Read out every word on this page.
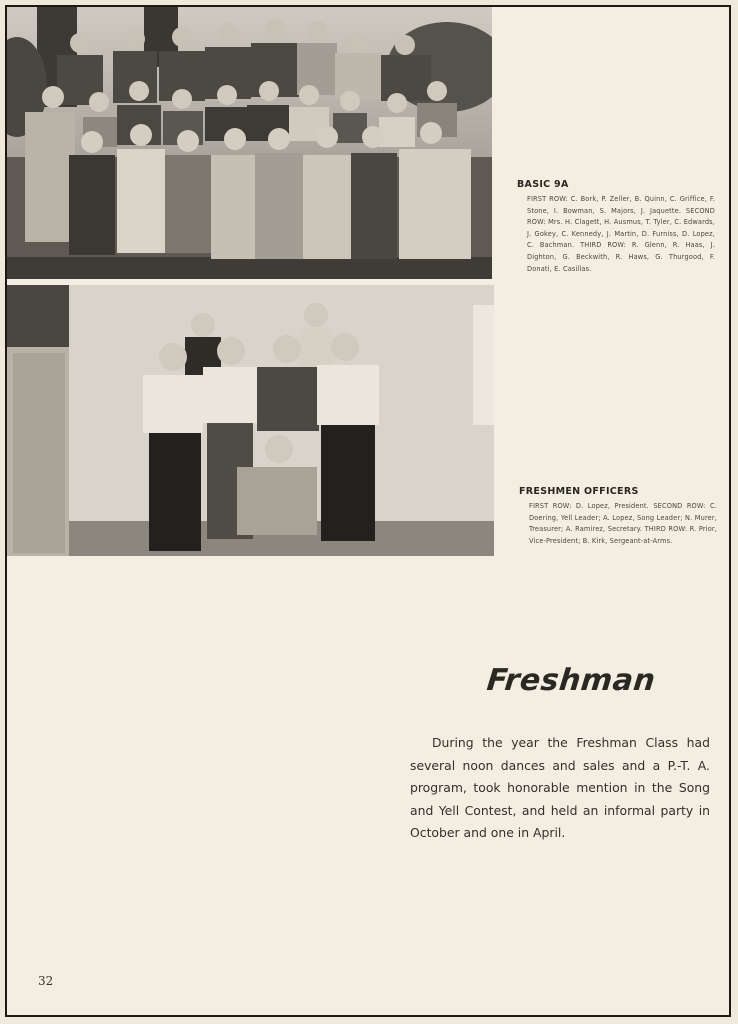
BASIC 9A
FIRST ROW: C. Bork, P. Zeller, B. Quinn, C. Griffice, F. Stone, I. Bowman, S. Majors, J. Jaquette. SECOND ROW: Mrs. H. Clagett, H. Ausmus, T. Tyler, C. Edwards, J. Gokey, C. Kennedy, J. Martin, D. Furniss, D. Lopez, C. Bachman. THIRD ROW: R. Glenn, R. Haas, J. Dighton, G. Beckwith, R. Haws, G. Thurgood, F. Donati, E. Casillas.
FRESHMEN OFFICERS
FIRST ROW: D. Lopez, President. SECOND ROW: C. Doering, Yell Leader; A. Lopez, Song Leader; N. Murer, Treasurer; A. Ramirez, Secretary. THIRD ROW: R. Prior, Vice-President; B. Kirk, Sergeant-at-Arms.
Freshman
During the year the Freshman Class had several noon dances and sales and a P.-T. A. program, took honorable mention in the Song and Yell Contest, and held an informal party in October and one in April.
32
